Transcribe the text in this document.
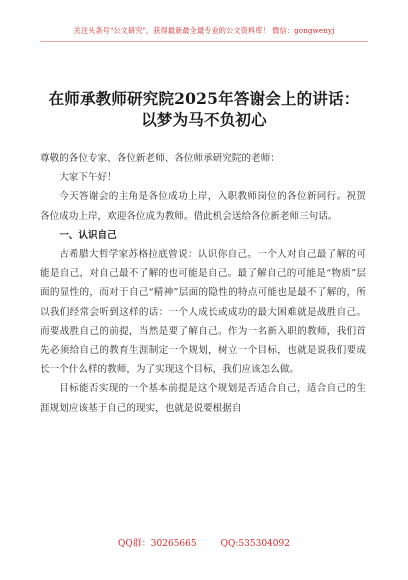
关注头条号"公文研究"，获得最新最全最专业的公文资料库！ 微信：gongwenyj
在师承教师研究院2025年答谢会上的讲话：
以梦为马不负初心

尊敬的各位专家、各位新老师、各位师承研究院的老师：

大家下午好！

今天答谢会的主角是各位成功上岸，入职教师岗位的各位新同行。祝贺各位成功上岸，欢迎各位成为教师。借此机会送给各位新老师三句话。

一、认识自己

古希腊大哲学家苏格拉底曾说：认识你自己。一个人对自己最了解的可能是自己，对自己最不了解的也可能是自己。最了解自己的可能是“物质”层面的显性的，而对于自己“精神”层面的隐性的特点可能也是最不了解的，所以我们经常会听到这样的话：一个人成长或成功的最大困难就是战胜自己。而要战胜自己的前提，当然是要了解自己。作为一名新入职的教师，我们首先必须给自己的教育生涯制定一个规划，树立一个目标，也就是说我们要成长一个什么样的教师，为了实现这个目标，我们应该怎么做。

目标能否实现的一个基本前提是这个规划是否适合自己，适合自己的生涯规划应该基于自己的现实，也就是说要根据自

QQ群：30265665	QQ:535304092
